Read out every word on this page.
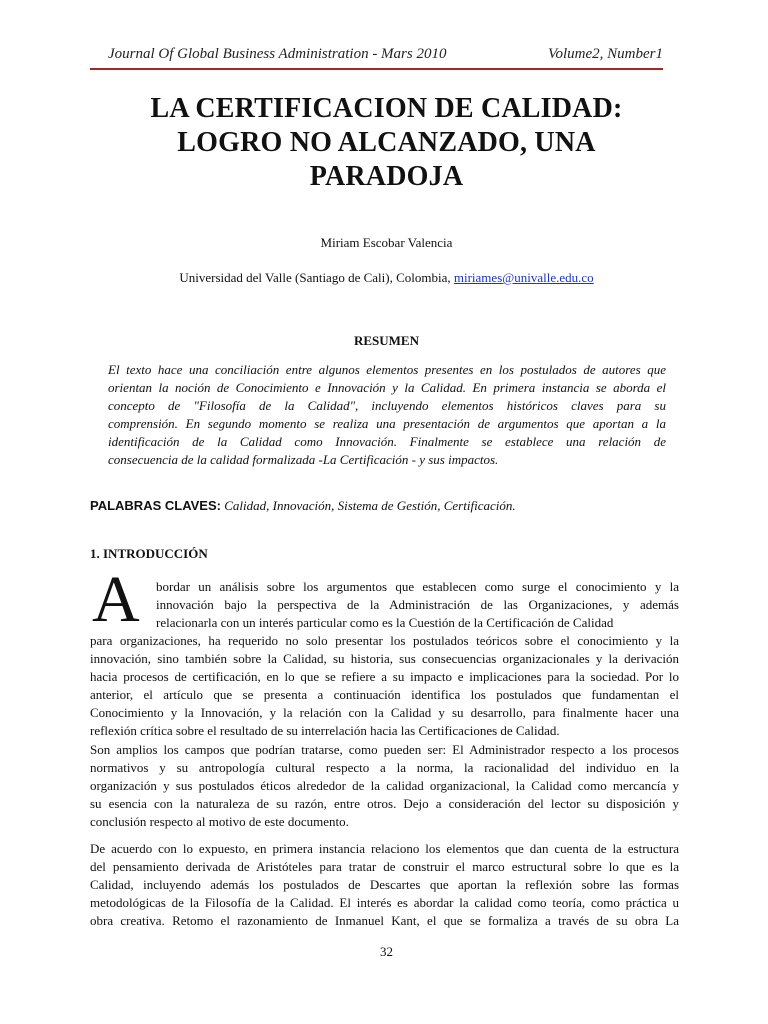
Journal Of Global Business Administration - Mars 2010	Volume2, Number1
LA CERTIFICACION DE CALIDAD:
LOGRO NO ALCANZADO, UNA
PARADOJA
Miriam Escobar Valencia
Universidad del Valle (Santiago de Cali), Colombia, miriames@univalle.edu.co
RESUMEN
El texto hace una conciliación entre algunos elementos presentes en los postulados de autores que
orientan la noción de Conocimiento e Innovación y la Calidad. En primera instancia se aborda el
concepto de "Filosofía de la Calidad", incluyendo elementos históricos claves para su
comprensión. En segundo momento se realiza una presentación de argumentos que aportan a la
identificación de la Calidad como Innovación. Finalmente se establece una relación de
consecuencia de la calidad formalizada -La Certificación - y sus impactos.
PALABRAS CLAVES: Calidad, Innovación, Sistema de Gestión, Certificación.
1. INTRODUCCIÓN
A bordar un análisis sobre los argumentos que establecen como surge el conocimiento y la
innovación bajo la perspectiva de la Administración de las Organizaciones, y además
relacionarla con un interés particular como es la Cuestión de la Certificación de Calidad
para organizaciones, ha requerido no solo presentar los postulados teóricos sobre el conocimiento y la
innovación, sino también sobre la Calidad, su historia, sus consecuencias organizacionales y la derivación
hacia procesos de certificación, en lo que se refiere a su impacto e implicaciones para la sociedad. Por lo
anterior, el artículo que se presenta a continuación identifica los postulados que fundamentan el
Conocimiento y la Innovación, y la relación con la Calidad y su desarrollo, para finalmente hacer una
reflexión crítica sobre el resultado de su interrelación hacia las Certificaciones de Calidad.
Son amplios los campos que podrían tratarse, como pueden ser: El Administrador respecto a los procesos
normativos y su antropología cultural respecto a la norma, la racionalidad del individuo en la
organización y sus postulados éticos alrededor de la calidad organizacional, la Calidad como mercancía y
su esencia con la naturaleza de su razón, entre otros. Dejo a consideración del lector su disposición y
conclusión respecto al motivo de este documento.
De acuerdo con lo expuesto, en primera instancia relaciono los elementos que dan cuenta de la estructura
del pensamiento derivada de Aristóteles para tratar de construir el marco estructural sobre lo que es la
Calidad, incluyendo además los postulados de Descartes que aportan la reflexión sobre las formas
metodológicas de la Filosofía de la Calidad. El interés es abordar la calidad como teoría, como práctica u
obra creativa. Retomo el razonamiento de Inmanuel Kant, el que se formaliza a través de su obra La
32
